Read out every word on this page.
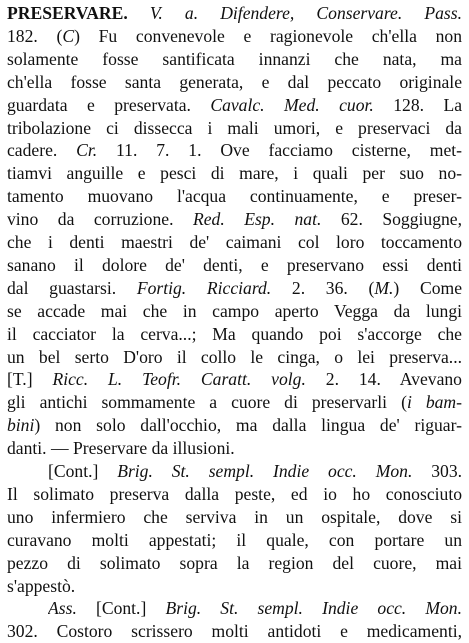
PRESERVARE. V. a. Difendere, Conservare. Pass.
182. (C) Fu convenevole e ragionevole ch'ella non
solamente fosse santificata innanzi che nata, ma
ch'ella fosse santa generata, e dal peccato originale
guardata e preservata. Cavalc. Med. cuor. 128. La
tribolazione ci dissecca i mali umori, e preservaci da
cadere. Cr. 11. 7. 1. Ove facciamo cisterne, met-
tiamvi anguille e pesci di mare, i quali per suo no-
tamento muovano l'acqua continuamente, e preser-
vino da corruzione. Red. Esp. nat. 62. Soggiugne,
che i denti maestri de' caimani col loro toccamento
sanano il dolore de' denti, e preservano essi denti
dal guastarsi. Fortig. Ricciard. 2. 36. (M.) Come
se accade mai che in campo aperto Vegga da lungi
il cacciator la cerva...; Ma quando poi s'accorge che
un bel serto D'oro il collo le cinga, o lei preserva...
[T.] Ricc. L. Teofr. Caratt. volg. 2. 14. Avevano
gli antichi sommamente a cuore di preservarli (i bam-
bini) non solo dall'occhio, ma dalla lingua de' riguar-
danti. — Preservare da illusioni.
[Cont.] Brig. St. sempl. Indie occ. Mon. 303.
Il solimato preserva dalla peste, ed io ho conosciuto
uno infermiero che serviva in un ospitale, dove si
curavano molti appestati; il quale, con portare un
pezzo di solimato sopra la region del cuore, mai
s'appestò.
Ass. [Cont.] Brig. St. sempl. Indie occ. Mon.
302. Costoro scrissero molti antidoti e medicamenti,
